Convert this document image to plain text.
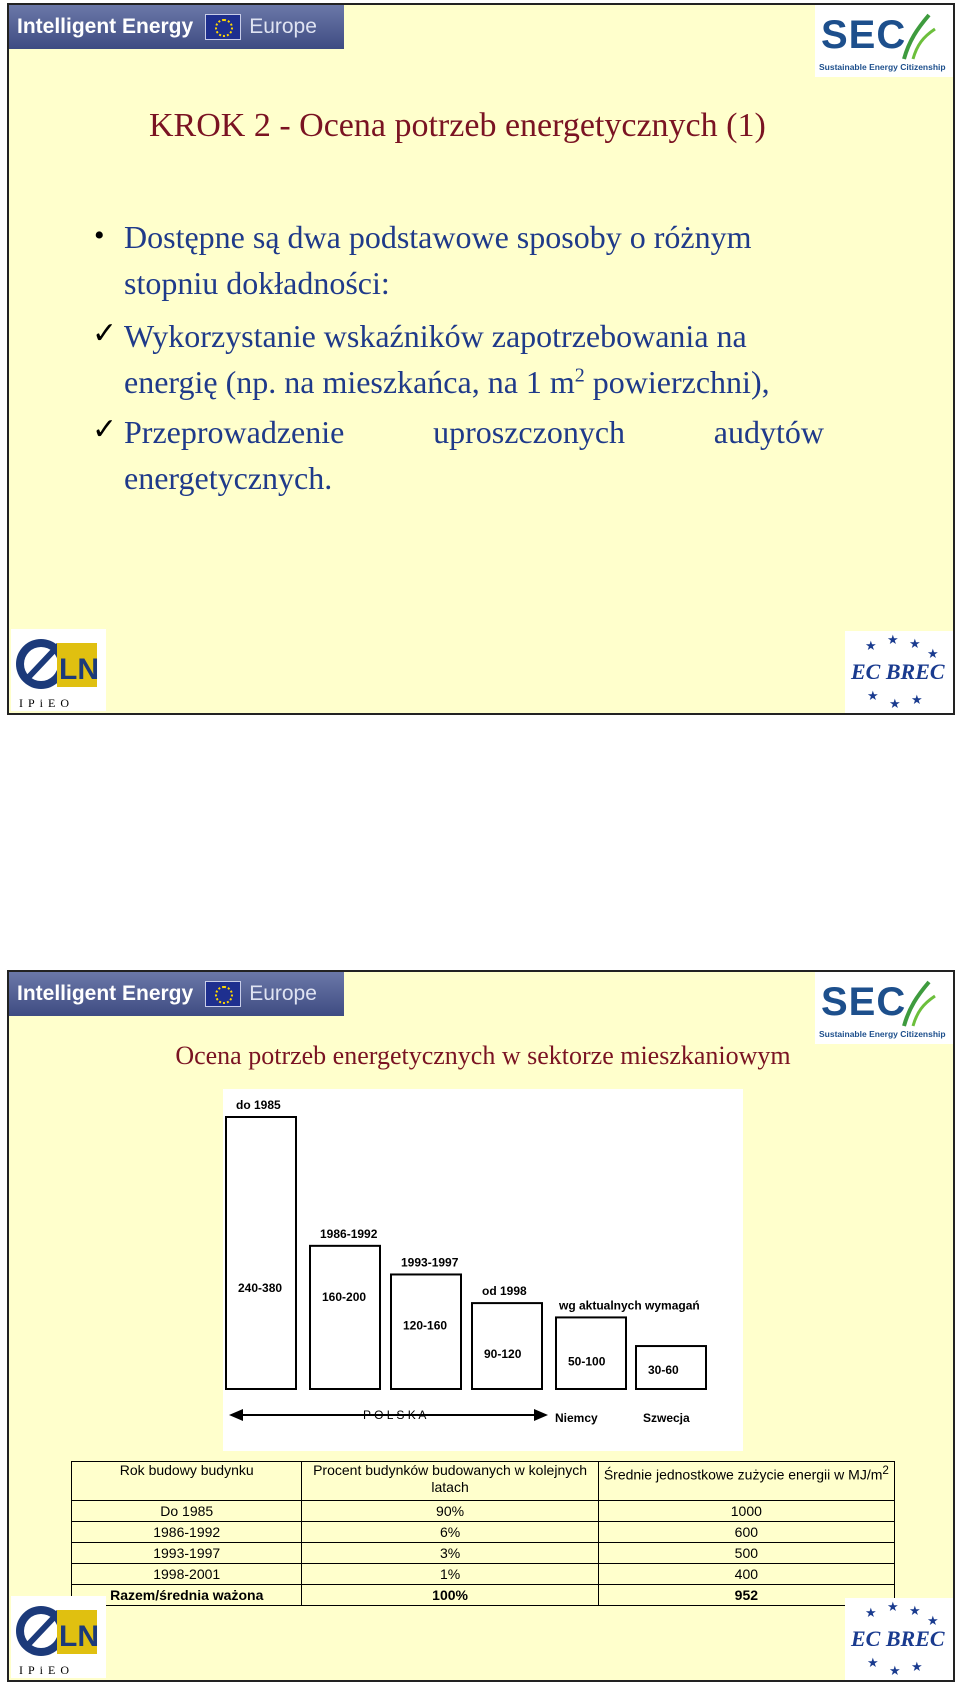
Intelligent Energy	Europe	SEC
Sustainable Energy Citizenship
KROK 2 - Ocena potrzeb energetycznych (1)
• Dostępne są dwa podstawowe sposoby o różnym
stopniu dokładności:
✓ Wykorzystanie wskaźników zapotrzebowania na
energię (np. na mieszkańca, na 1 $m^2$ powierzchni),
✓ Przeprowadzenie	uproszczonych	audytów
energetycznych.
LN
IPiEO
★ ★ ★
★
★
★ ★
EC BREC
Intelligent Energy	Europe	SEC
Sustainable Energy Citizenship
Ocena potrzeb energetycznych w sektorze mieszkaniowym
do 1985
240-380
1986-1992
160-200
1993-1997
120-160
od 1998
90-120
wg aktualnych wymagań
50-100
30-60
P O L S K A	Niemcy	Szwecja
Rok budowy budynku	Procent budynków budowanych w kolejnych latach	Średnie jednostkowe zużycie energii w $MJ/m^2$
Do 1985	90%	1000
1986-1992	6%	600
1993-1997	3%	500
1998-2001	1%	400
Razem/średnia ważona	100%	952
LN
IPiEO
★ ★ ★
★
★
★ ★
EC BREC
